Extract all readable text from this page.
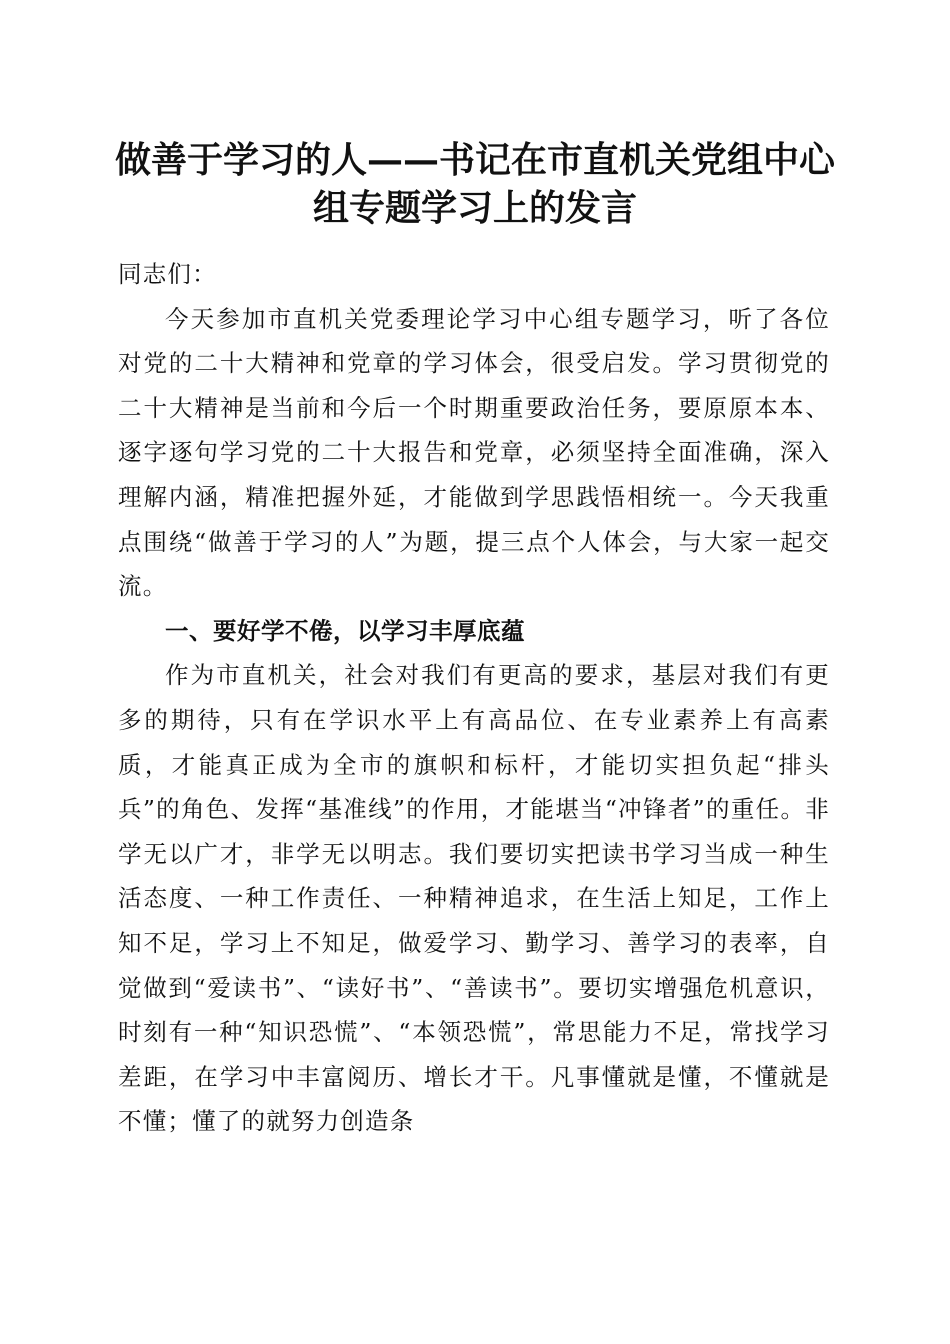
做善于学习的人——书记在市直机关党组中心
组专题学习上的发言

同志们：

今天参加市直机关党委理论学习中心组专题学习，听了各位对党的二十大精神和党章的学习体会，很受启发。学习贯彻党的二十大精神是当前和今后一个时期重要政治任务，要原原本本、逐字逐句学习党的二十大报告和党章，必须坚持全面准确，深入理解内涵，精准把握外延，才能做到学思践悟相统一。今天我重点围绕“做善于学习的人”为题，提三点个人体会，与大家一起交流。

一、要好学不倦，以学习丰厚底蕴

作为市直机关，社会对我们有更高的要求，基层对我们有更多的期待，只有在学识水平上有高品位、在专业素养上有高素质，才能真正成为全市的旗帜和标杆，才能切实担负起“排头兵”的角色、发挥“基准线”的作用，才能堪当“冲锋者”的重任。非学无以广才，非学无以明志。我们要切实把读书学习当成一种生活态度、一种工作责任、一种精神追求，在生活上知足，工作上知不足，学习上不知足，做爱学习、勤学习、善学习的表率，自觉做到“爱读书”、“读好书”、“善读书”。要切实增强危机意识，时刻有一种“知识恐慌”、“本领恐慌”，常思能力不足，常找学习差距，在学习中丰富阅历、增长才干。凡事懂就是懂，不懂就是不懂；懂了的就努力创造条
